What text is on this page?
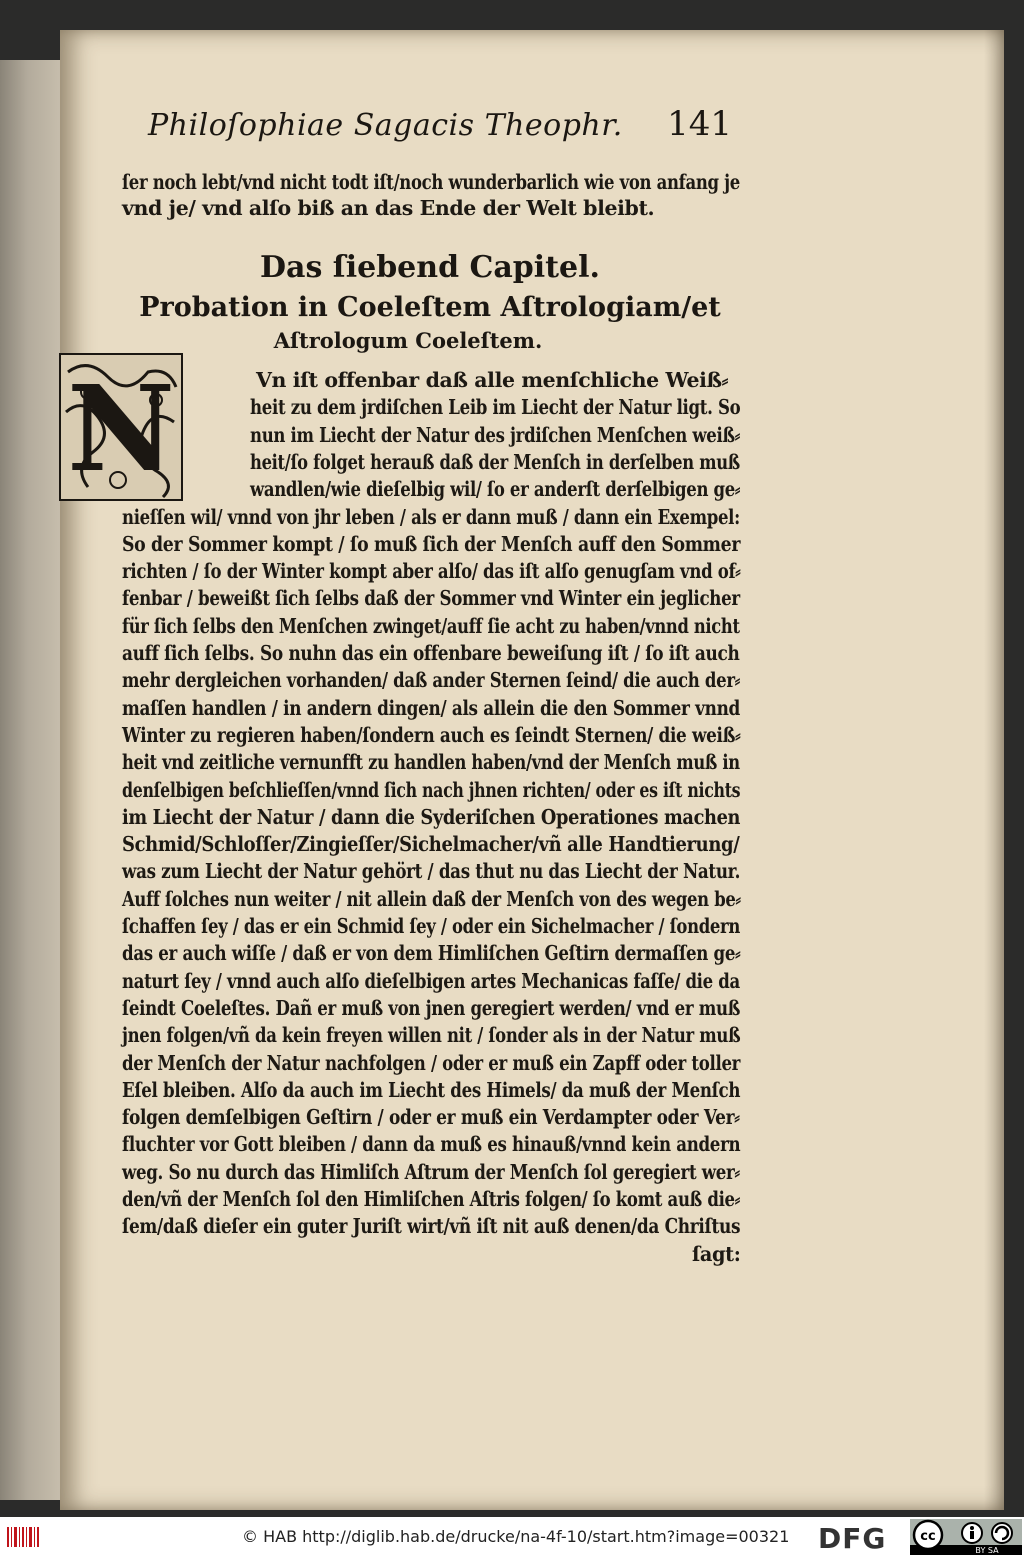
Philoſophiae Sagacis Theophr. 141
ſer noch lebt/vnd nicht todt iſt/noch wunderbarlich wie von anfang je
vnd je/ vnd alſo biß an das Ende der Welt bleibt.
Das ſiebend Capitel.
Probation in Coeleſtem Aſtrologiam/et
Aſtrologum Coeleſtem.
Vn iſt offenbar daß alle menſchliche Weiß⸗
heit zu dem jrdiſchen Leib im Liecht der Natur ligt. So
nun im Liecht der Natur des jrdiſchen Menſchen weiß⸗
heit/ſo folget herauß daß der Menſch in derſelben muß
wandlen/wie dieſelbig wil/ ſo er anderſt derſelbigen ge⸗
nieſſen wil/ vnnd von jhr leben / als er dann muß / dann ein Exempel:
So der Sommer kompt / ſo muß ſich der Menſch auff den Sommer
richten / ſo der Winter kompt aber alſo/ das iſt alſo genugſam vnd of⸗
fenbar / beweißt ſich ſelbs daß der Sommer vnd Winter ein jeglicher
für ſich ſelbs den Menſchen zwinget/auff ſie acht zu haben/vnnd nicht
auff ſich ſelbs. So nuhn das ein offenbare beweiſung iſt / ſo iſt auch
mehr dergleichen vorhanden/ daß ander Sternen ſeind/ die auch der⸗
maſſen handlen / in andern dingen/ als allein die den Sommer vnnd
Winter zu regieren haben/ſondern auch es ſeindt Sternen/ die weiß⸗
heit vnd zeitliche vernunfft zu handlen haben/vnd der Menſch muß in
denſelbigen beſchlieſſen/vnnd ſich nach jhnen richten/ oder es iſt nichts
im Liecht der Natur / dann die Syderiſchen Operationes machen
Schmid/Schloſſer/Zingieſſer/Sichelmacher/vñ alle Handtierung/
was zum Liecht der Natur gehört / das thut nu das Liecht der Natur.
Auff ſolches nun weiter / nit allein daß der Menſch von des wegen be⸗
ſchaffen ſey / das er ein Schmid ſey / oder ein Sichelmacher / ſondern
das er auch wiſſe / daß er von dem Himliſchen Geſtirn dermaſſen ge⸗
naturt ſey / vnnd auch alſo dieſelbigen artes Mechanicas faſſe/ die da
ſeindt Coeleſtes. Dañ er muß von jnen geregiert werden/ vnd er muß
jnen folgen/vñ da kein freyen willen nit / ſonder als in der Natur muß
der Menſch der Natur nachfolgen / oder er muß ein Zapff oder toller
Eſel bleiben. Alſo da auch im Liecht des Himels/ da muß der Menſch
folgen demſelbigen Geſtirn / oder er muß ein Verdampter oder Ver⸗
fluchter vor Gott bleiben / dann da muß es hinauß/vnnd kein andern
weg. So nu durch das Himliſch Aſtrum der Menſch ſol geregiert wer⸗
den/vñ der Menſch ſol den Himliſchen Aſtris folgen/ ſo komt auß die⸗
ſem/daß dieſer ein guter Juriſt wirt/vñ iſt nit auß denen/da Chriſtus
ſagt:
N
© HAB http://diglib.hab.de/drucke/na-4f-10/start.htm?image=00321 DFG	cc
BY SA
